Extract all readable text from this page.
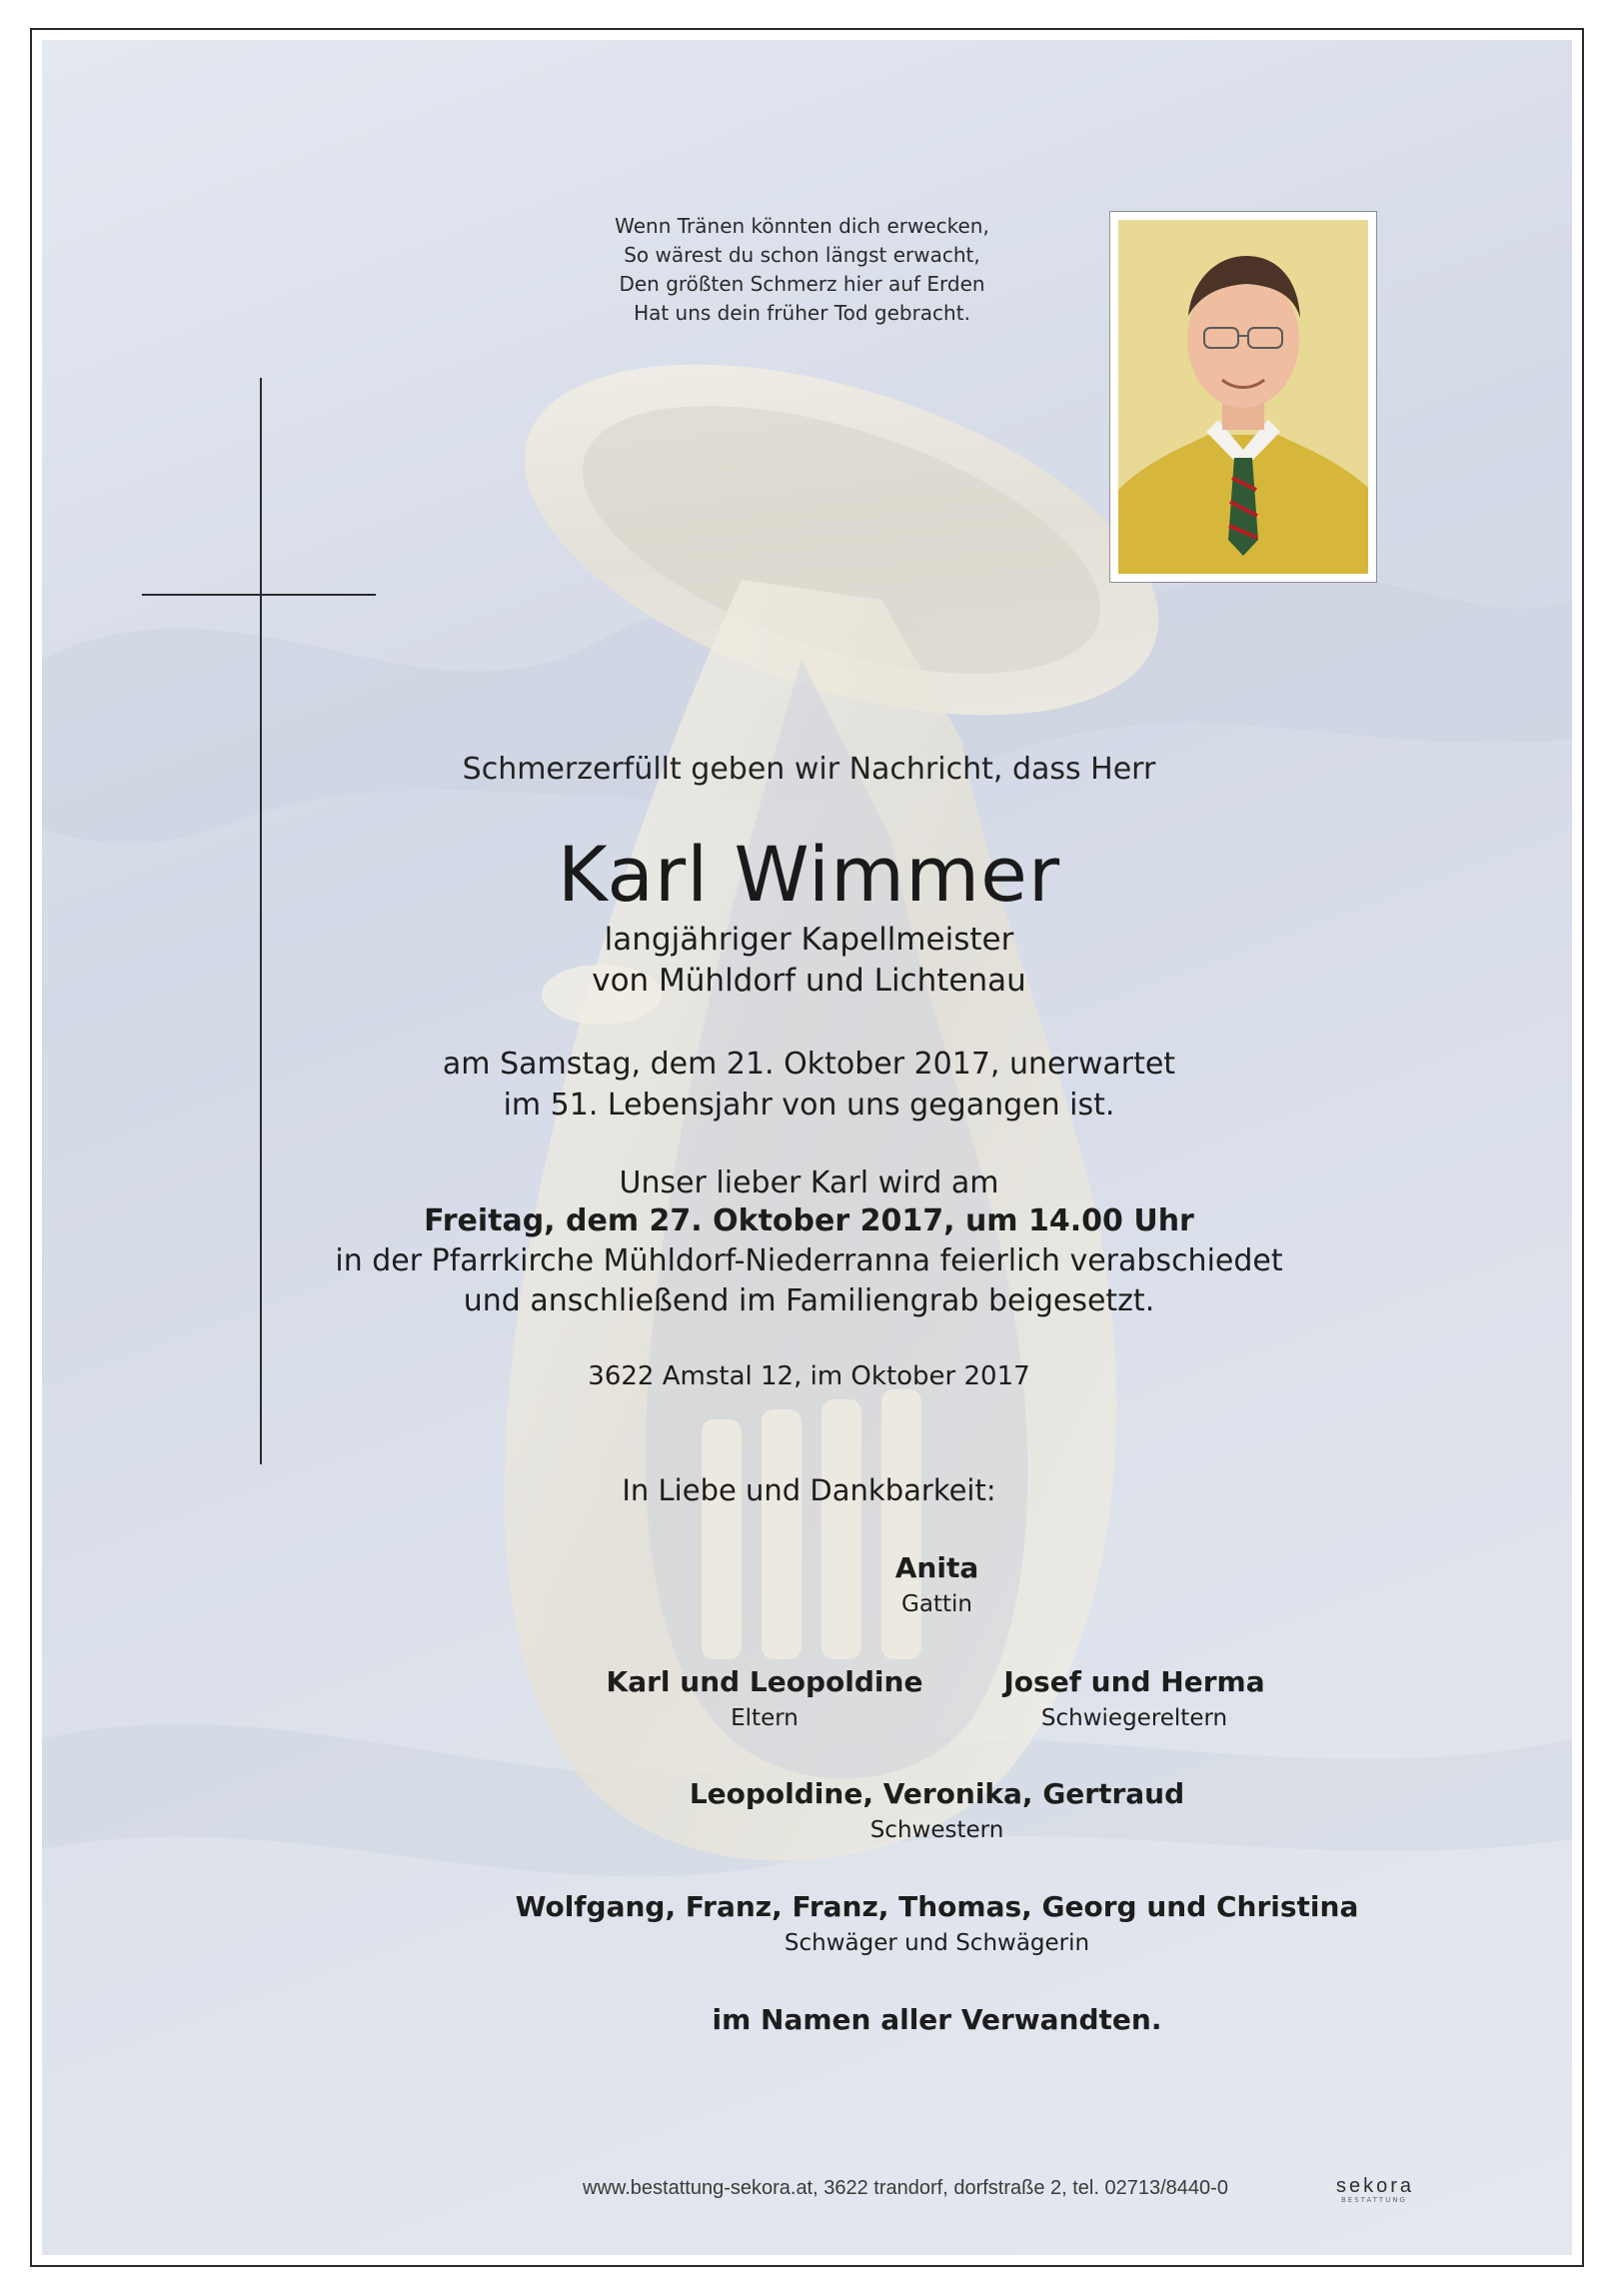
Wenn Tränen könnten dich erwecken,
So wärest du schon längst erwacht,
Den größten Schmerz hier auf Erden
Hat uns dein früher Tod gebracht.
Schmerzerfüllt geben wir Nachricht, dass Herr
Karl Wimmer
langjähriger Kapellmeister
von Mühldorf und Lichtenau
am Samstag, dem 21. Oktober 2017, unerwartet
im 51. Lebensjahr von uns gegangen ist.
Unser lieber Karl wird am
Freitag, dem 27. Oktober 2017, um 14.00 Uhr
in der Pfarrkirche Mühldorf-Niederranna feierlich verabschiedet
und anschließend im Familiengrab beigesetzt.
3622 Amstal 12, im Oktober 2017
In Liebe und Dankbarkeit:
Anita
Gattin
Karl und Leopoldine
Eltern
Josef und Herma
Schwiegereltern
Leopoldine, Veronika, Gertraud
Schwestern
Wolfgang, Franz, Franz, Thomas, Georg und Christina
Schwäger und Schwägerin
im Namen aller Verwandten.
www.bestattung-sekora.at, 3622 trandorf, dorfstraße 2, tel. 02713/8440-0	sekora
BESTATTUNG
